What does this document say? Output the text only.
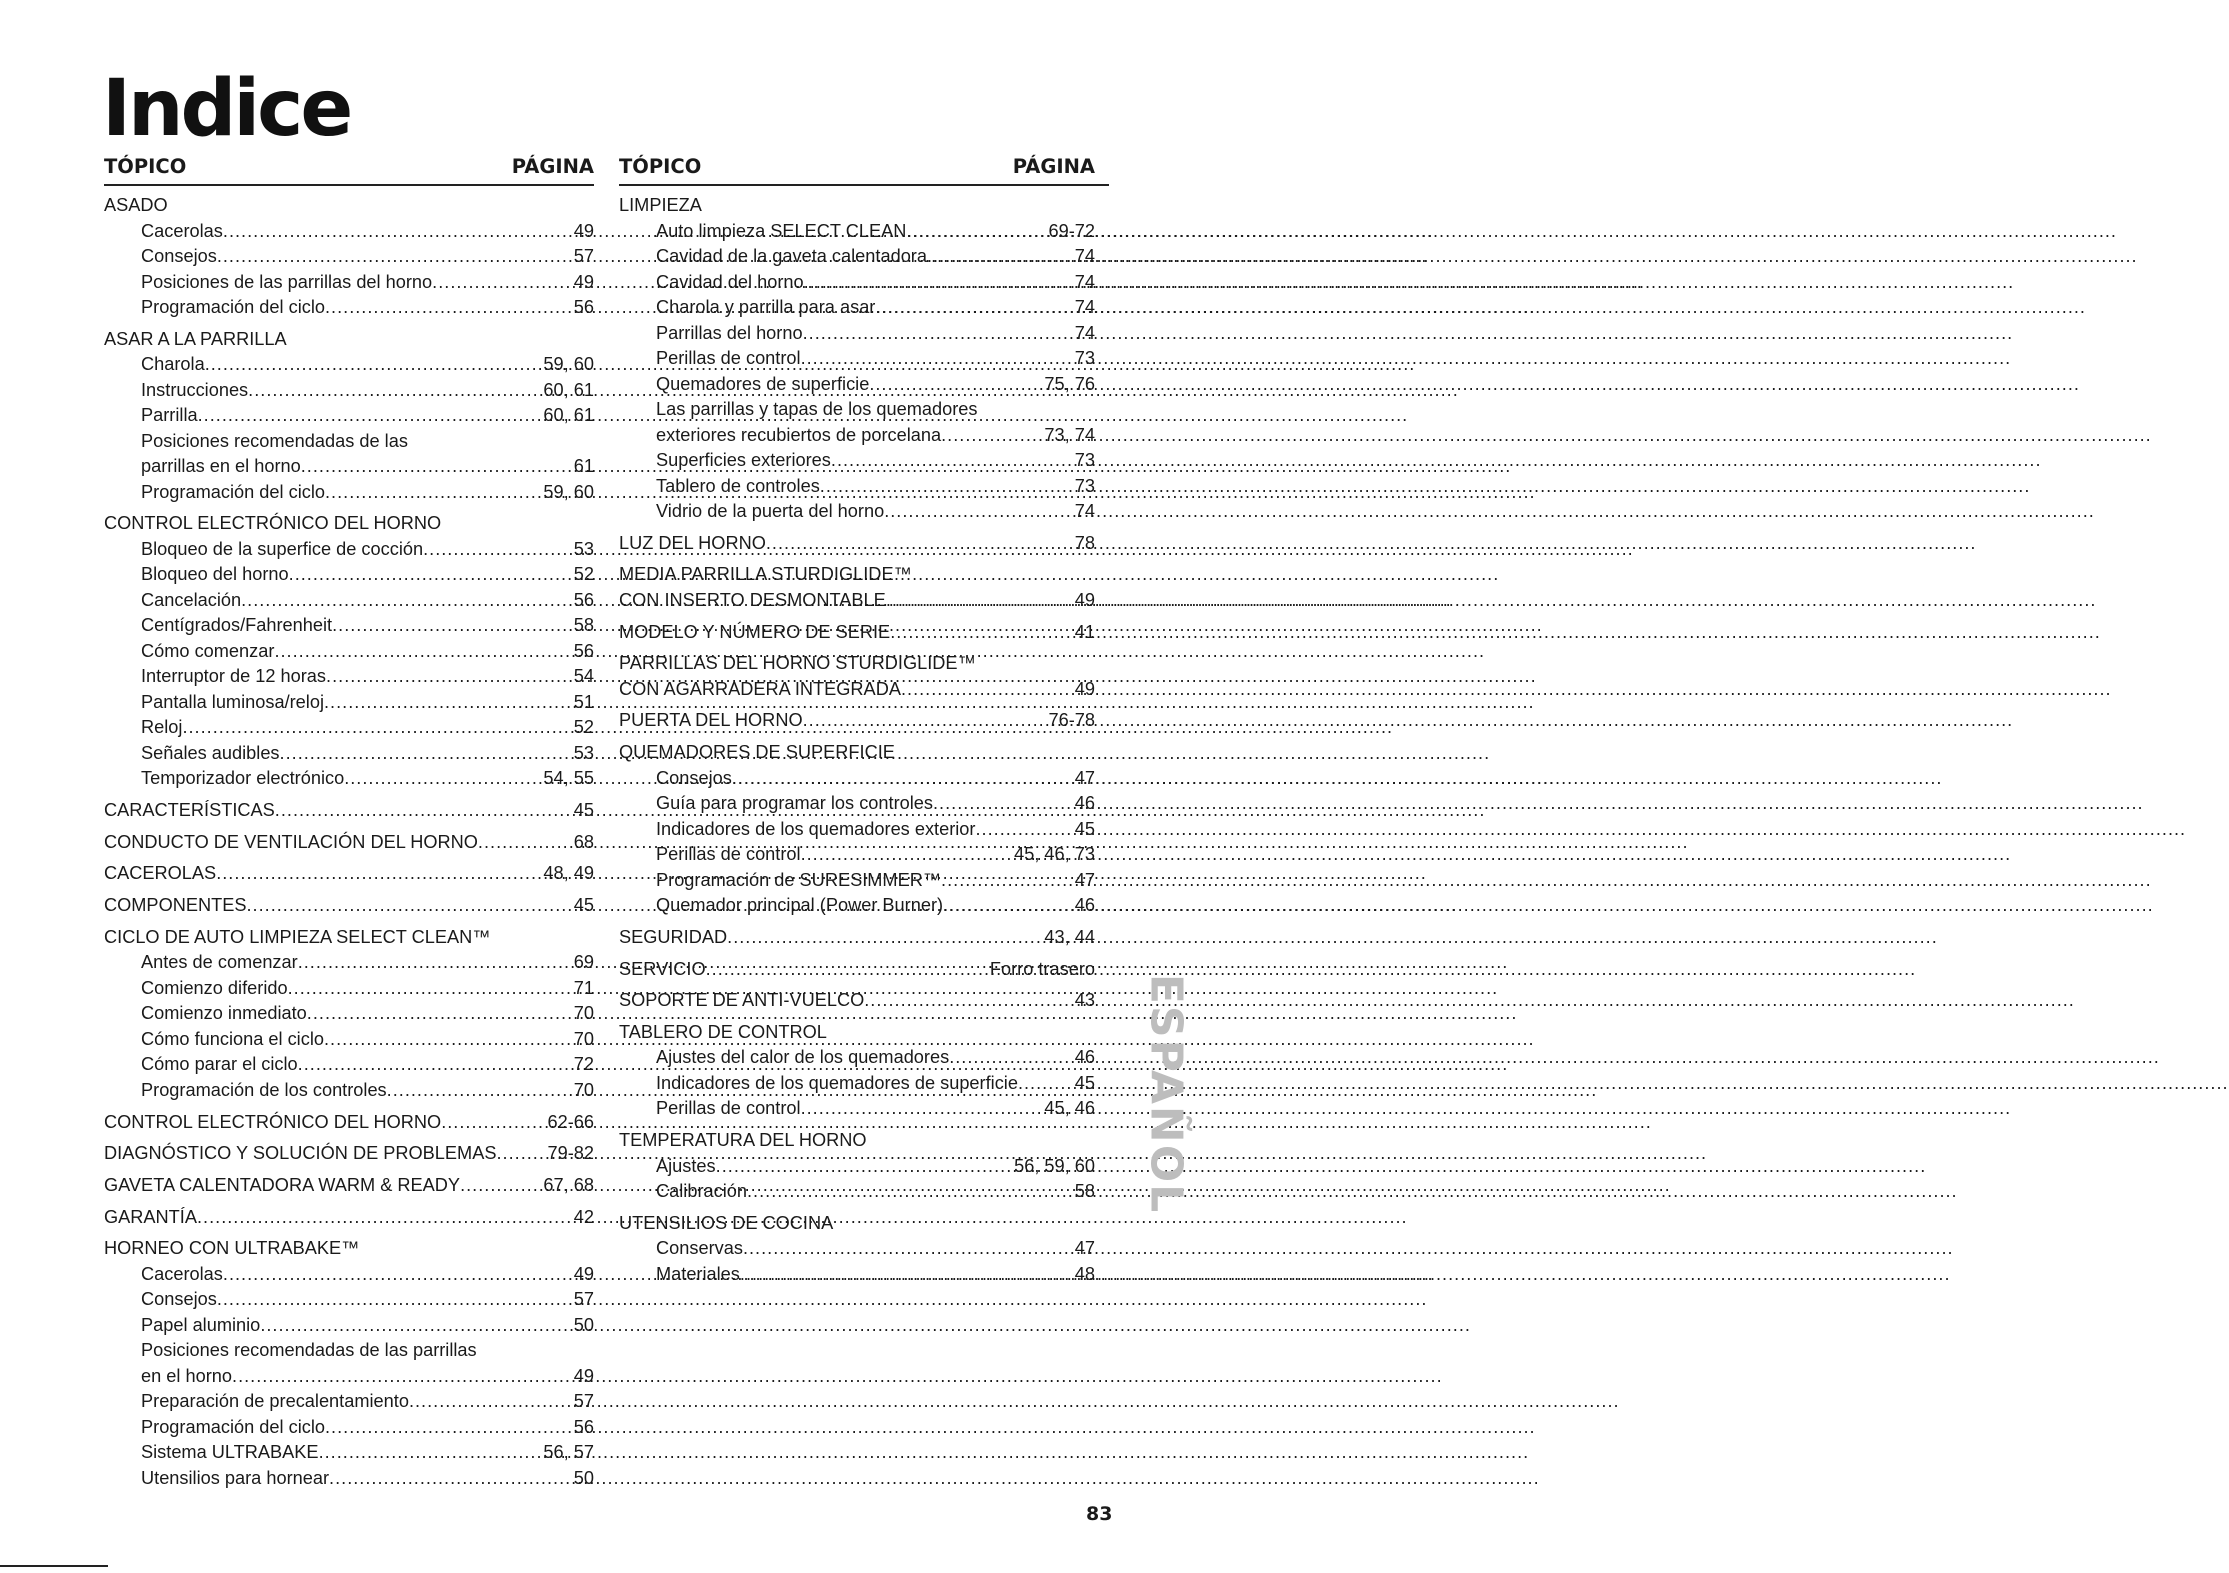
Indice
TÓPICO	PÁGINA
ASADO
Cacerolas .....	49
Consejos .....	57
Posiciones de las parrillas del horno .....	49
Programación del ciclo .....	56
ASAR A LA PARRILLA
Charola .....	59, 60
Instrucciones .....	60, 61
Parrilla .....	60, 61
Posiciones recomendadas de las
parrillas en el horno .....	61
Programación del ciclo .....	59, 60
CONTROL ELECTRÓNICO DEL HORNO
Bloqueo de la superfice de cocción .....	53
Bloqueo del horno .....	52
Cancelación .....	56
Centígrados/Fahrenheit .....	58
Cómo comenzar .....	56
Interruptor de 12 horas .....	54
Pantalla luminosa/reloj .....	51
Reloj .....	52
Señales audibles .....	53
Temporizador electrónico .....	54, 55
CARACTERÍSTICAS .....	45
CONDUCTO DE VENTILACIÓN DEL HORNO .....	68
CACEROLAS .....	48, 49
COMPONENTES .....	45
CICLO DE AUTO LIMPIEZA SELECT CLEAN™
Antes de comenzar .....	69
Comienzo diferido .....	71
Comienzo inmediato .....	70
Cómo funciona el ciclo .....	70
Cómo parar el ciclo .....	72
Programación de los controles .....	70
CONTROL ELECTRÓNICO DEL HORNO .....	62-66
DIAGNÓSTICO Y SOLUCIÓN DE PROBLEMAS .....	79-82
GAVETA CALENTADORA WARM & READY .....	67, 68
GARANTÍA .....	42
HORNEO CON ULTRABAKE™
Cacerolas .....	49
Consejos .....	57
Papel aluminio .....	50
Posiciones recomendadas de las parrillas
en el horno .....	49
Preparación de precalentamiento .....	57
Programación del ciclo .....	56
Sistema ULTRABAKE .....	56, 57
Utensilios para hornear .....	50
TÓPICO	PÁGINA
LIMPIEZA
Auto limpieza SELECT CLEAN .....	69-72
Cavidad de la gaveta calentadora .....	74
Cavidad del horno .....	74
Charola y parrilla para asar .....	74
Parrillas del horno .....	74
Perillas de control .....	73
Quemadores de superficie .....	75, 76
Las parrillas y tapas de los quemadores
exteriores recubiertos de porcelana .....	73, 74
Superficies exteriores .....	73
Tablero de controles .....	73
Vidrio de la puerta del horno .....	74
LUZ DEL HORNO .....	78
MEDIA PARRILLA STURDIGLIDE™
CON INSERTO DESMONTABLE .....	49
MODELO Y NÚMERO DE SERIE .....	41
PARRILLAS DEL HORNO STURDIGLIDE™
CON AGARRADERA INTEGRADA .....	49
PUERTA DEL HORNO .....	76-78
QUEMADORES DE SUPERFICIE
Consejos .....	47
Guía para programar los controles .....	46
Indicadores de los quemadores exterior .....	45
Perillas de control .....	45, 46, 73
Programación de SURESIMMER™ .....	47
Quemador principal (Power Burner) .....	46
SEGURIDAD .....	43, 44
SERVICIO .....	Forro trasero
SOPORTE DE ANTI-VUELCO .....	43
TABLERO DE CONTROL
Ajustes del calor de los quemadores .....	46
Indicadores de los quemadores de superficie .....	45
Perillas de control .....	45, 46
TEMPERATURA DEL HORNO
Ajustes .....	56, 59, 60
Calibración .....	58
UTENSILIOS DE COCINA
Conservas .....	47
Materiales .....	48
ESPAÑOL
83
